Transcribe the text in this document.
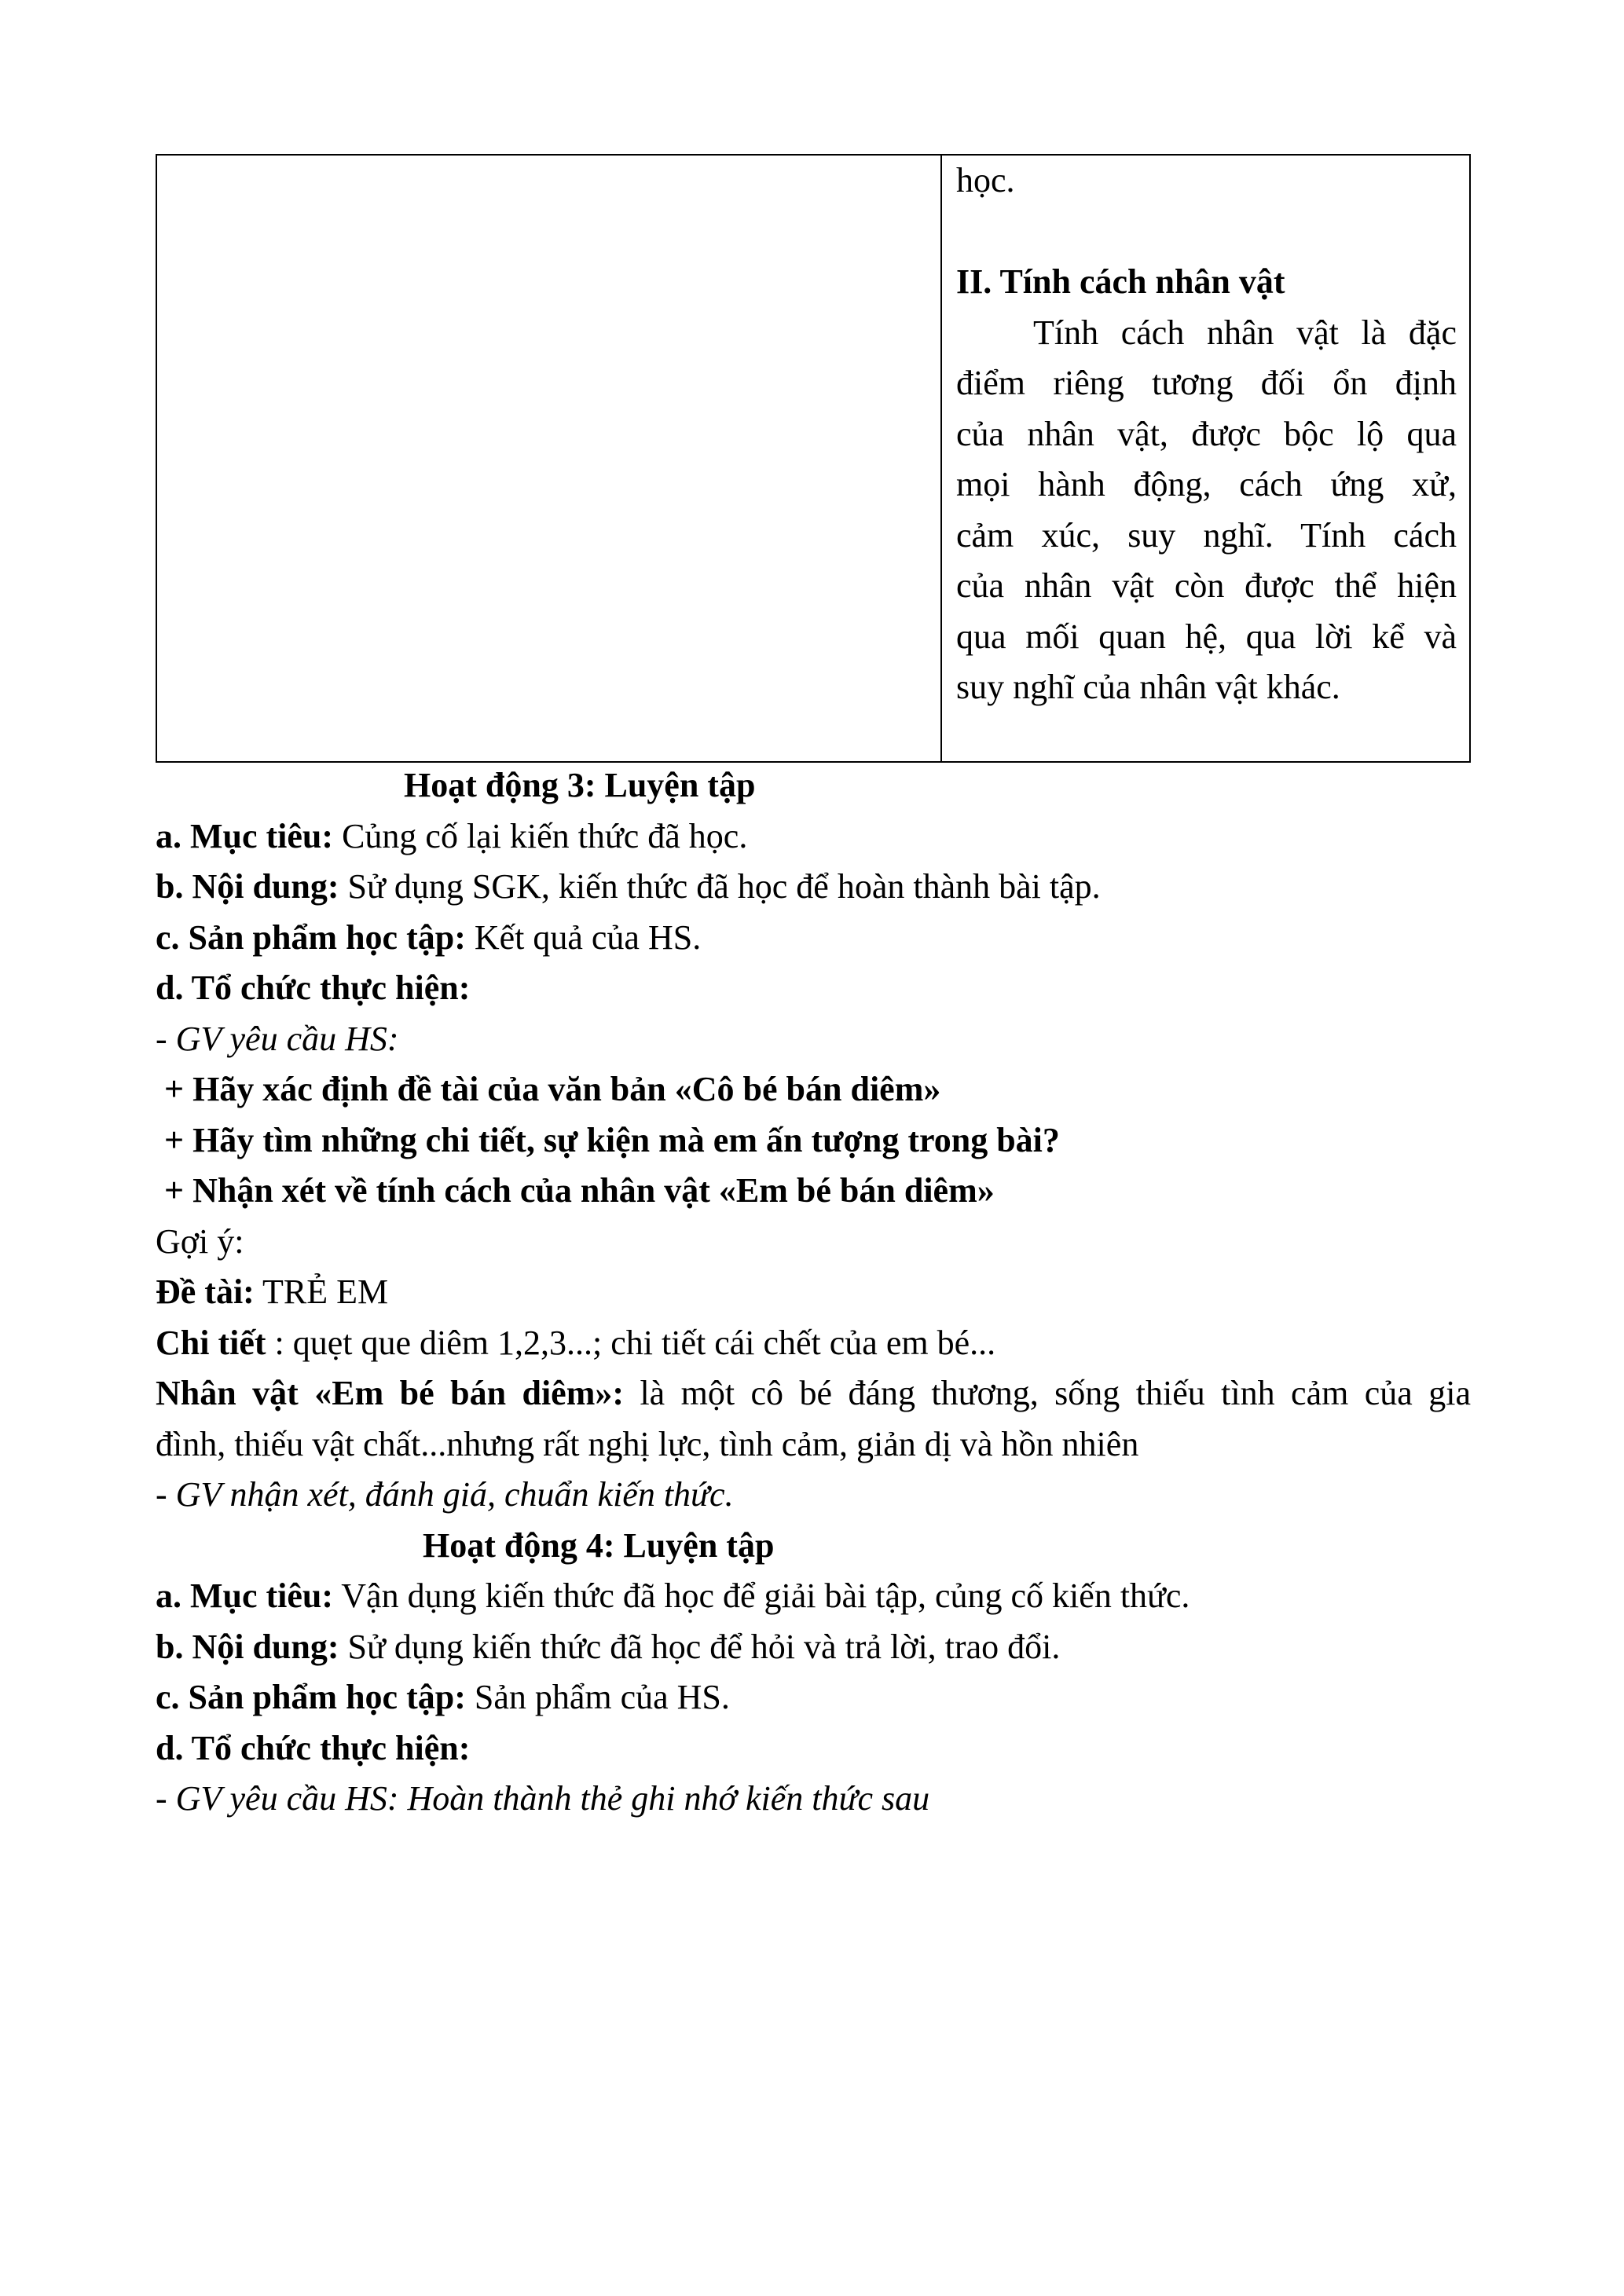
học.
II. Tính cách nhân vật
Tính cách nhân vật là đặc
điểm riêng tương đối ổn định
của nhân vật, được bộc lộ qua
mọi hành động, cách ứng xử,
cảm xúc, suy nghĩ. Tính cách
của nhân vật còn được thể hiện
qua mối quan hệ, qua lời kể và
suy nghĩ của nhân vật khác.
Hoạt động 3: Luyện tập
a. Mục tiêu: Củng cố lại kiến thức đã học.
b. Nội dung: Sử dụng SGK, kiến thức đã học để hoàn thành bài tập.
c. Sản phẩm học tập: Kết quả của HS.
d. Tổ chức thực hiện:
- GV yêu cầu HS:
+ Hãy xác định đề tài của văn bản «Cô bé bán diêm»
+ Hãy tìm những chi tiết, sự kiện mà em ấn tượng trong bài?
+ Nhận xét về tính cách của nhân vật «Em bé bán diêm»
Gợi ý:
Đề tài: TRẺ EM
Chi tiết : quẹt que diêm 1,2,3...; chi tiết cái chết của em bé...
Nhân vật «Em bé bán diêm»: là một cô bé đáng thương, sống thiếu tình cảm của gia
đình, thiếu vật chất...nhưng rất nghị lực, tình cảm, giản dị và hồn nhiên
- GV nhận xét, đánh giá, chuẩn kiến thức.
Hoạt động 4: Luyện tập
a. Mục tiêu: Vận dụng kiến thức đã học để giải bài tập, củng cố kiến thức.
b. Nội dung: Sử dụng kiến thức đã học để hỏi và trả lời, trao đổi.
c. Sản phẩm học tập: Sản phẩm của HS.
d. Tổ chức thực hiện:
- GV yêu cầu HS: Hoàn thành thẻ ghi nhớ kiến thức sau
